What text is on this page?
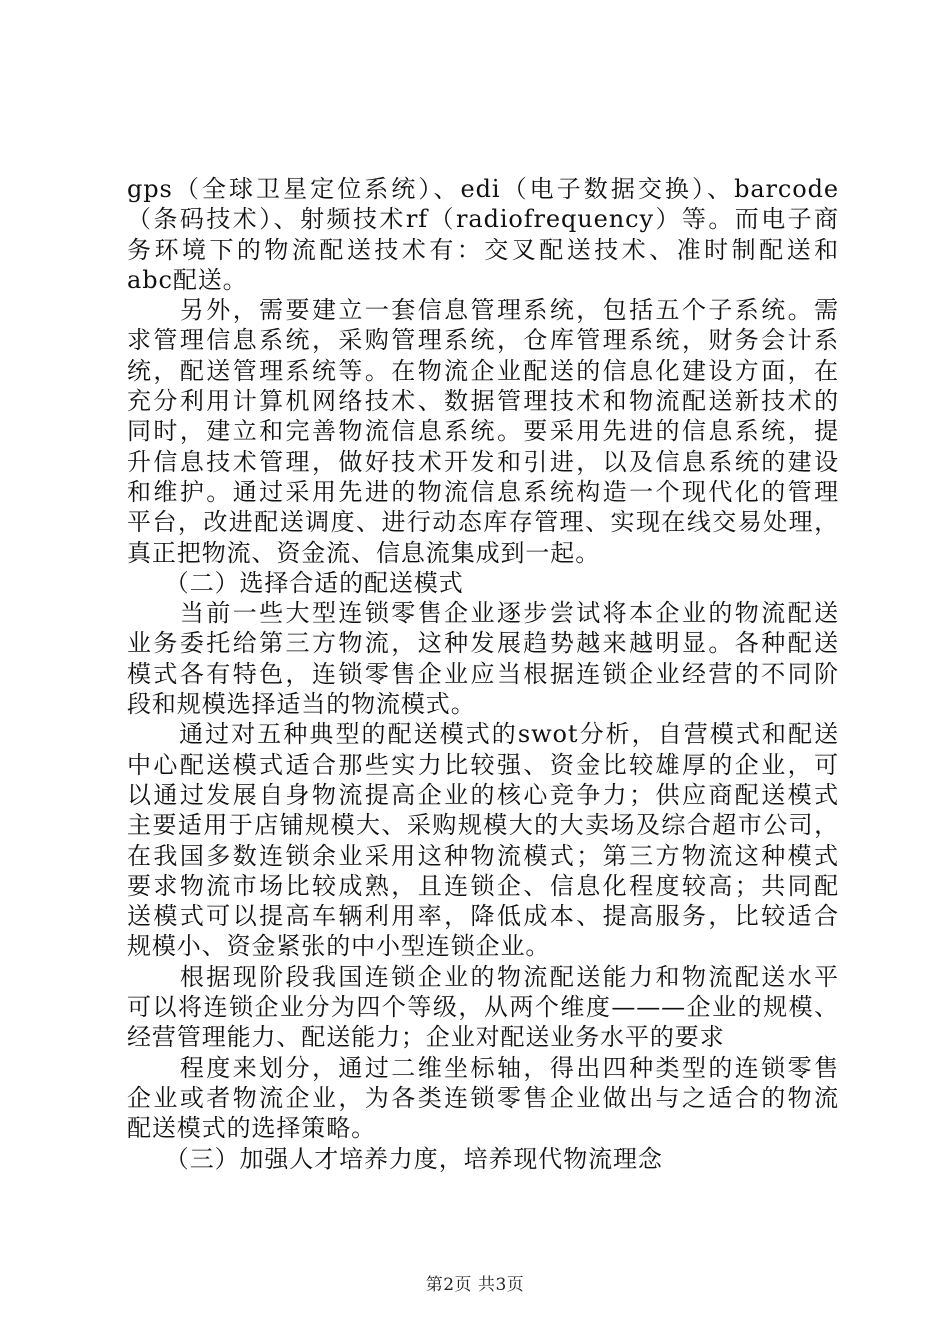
gps（全球卫星定位系统）、edi（电子数据交换）、barcode
（条码技术）、射频技术rf（radiofrequency）等。而电子商
务环境下的物流配送技术有：交叉配送技术、准时制配送和
abc配送。
　　另外，需要建立一套信息管理系统，包括五个子系统。需
求管理信息系统，采购管理系统，仓库管理系统，财务会计系
统，配送管理系统等。在物流企业配送的信息化建设方面，在
充分利用计算机网络技术、数据管理技术和物流配送新技术的
同时，建立和完善物流信息系统。要采用先进的信息系统，提
升信息技术管理，做好技术开发和引进，以及信息系统的建设
和维护。通过采用先进的物流信息系统构造一个现代化的管理
平台，改进配送调度、进行动态库存管理、实现在线交易处理，
真正把物流、资金流、信息流集成到一起。
　　（二）选择合适的配送模式
　　当前一些大型连锁零售企业逐步尝试将本企业的物流配送
业务委托给第三方物流，这种发展趋势越来越明显。各种配送
模式各有特色，连锁零售企业应当根据连锁企业经营的不同阶
段和规模选择适当的物流模式。
　　通过对五种典型的配送模式的swot分析，自营模式和配送
中心配送模式适合那些实力比较强、资金比较雄厚的企业，可
以通过发展自身物流提高企业的核心竞争力；供应商配送模式
主要适用于店铺规模大、采购规模大的大卖场及综合超市公司，
在我国多数连锁余业采用这种物流模式；第三方物流这种模式
要求物流市场比较成熟，且连锁企、信息化程度较高；共同配
送模式可以提高车辆利用率，降低成本、提高服务，比较适合
规模小、资金紧张的中小型连锁企业。
　　根据现阶段我国连锁企业的物流配送能力和物流配送水平
可以将连锁企业分为四个等级，从两个维度———企业的规模、
经营管理能力、配送能力；企业对配送业务水平的要求
　　程度来划分，通过二维坐标轴，得出四种类型的连锁零售
企业或者物流企业，为各类连锁零售企业做出与之适合的物流
配送模式的选择策略。
　　（三）加强人才培养力度，培养现代物流理念
第2页 共3页
